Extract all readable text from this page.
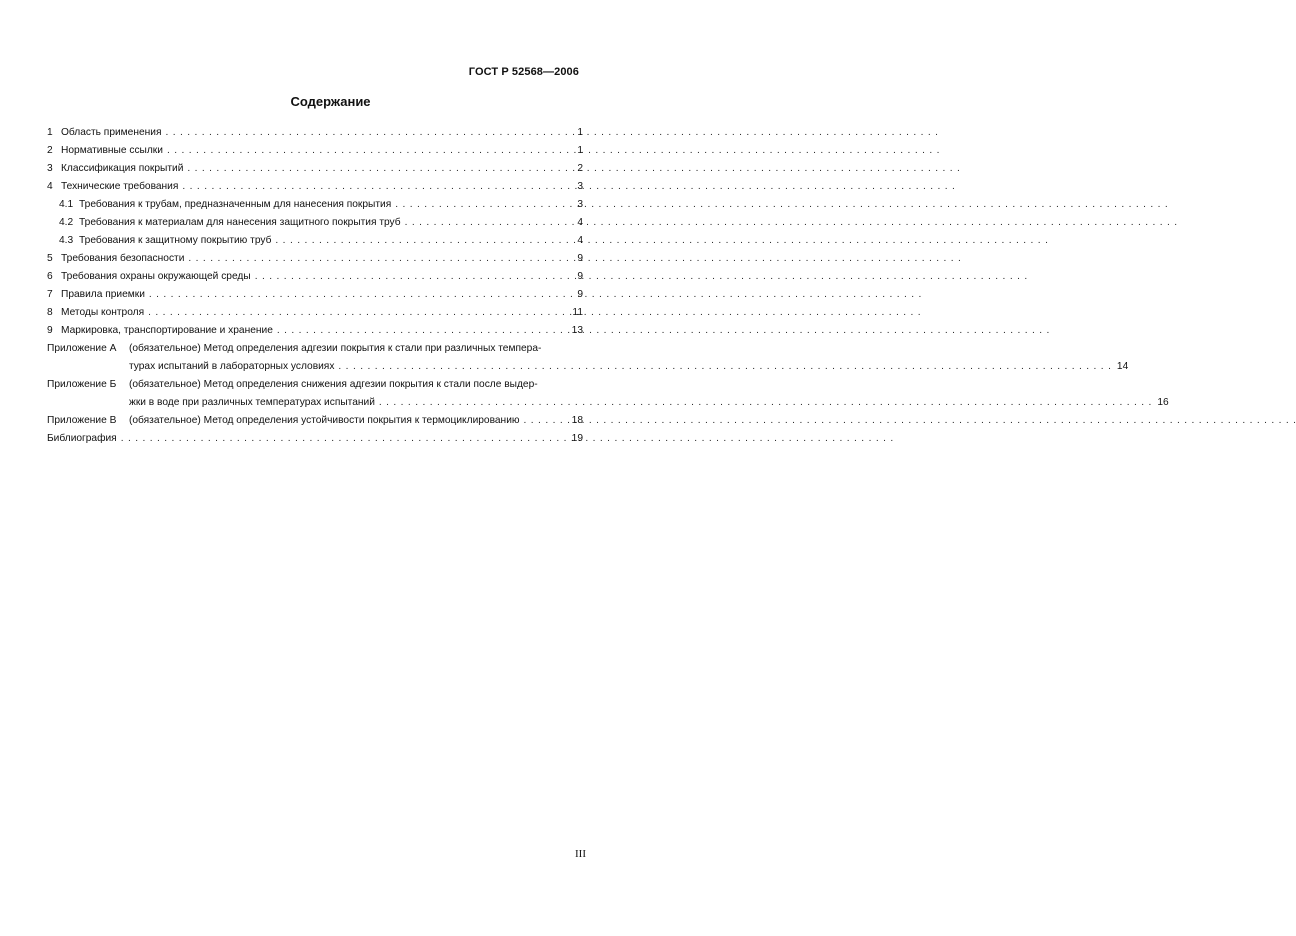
ГОСТ Р 52568—2006
Содержание
1 Область применения . . .	1
2 Нормативные ссылки . . .	1
3 Классификация покрытий . . .	2
4 Технические требования . . .	3
4.1 Требования к трубам, предназначенным для нанесения покрытия . . .	3
4.2 Требования к материалам для нанесения защитного покрытия труб . . .	4
4.3 Требования к защитному покрытию труб . . .	4
5 Требования безопасности . . .	9
6 Требования охраны окружающей среды . . .	9
7 Правила приемки . . .	9
8 Методы контроля . . .	11
9 Маркировка, транспортирование и хранение . . .	13
Приложение А	(обязательное) Метод определения адгезии покрытия к стали при различных темпера-
турах испытаний в лабораторных условиях . . .	14
Приложение Б	(обязательное) Метод определения снижения адгезии покрытия к стали после выдер-
жки в воде при различных температурах испытаний . . .	16
Приложение В	(обязательное) Метод определения устойчивости покрытия к термоциклированию . . .	18
Библиография . . .	19
III
